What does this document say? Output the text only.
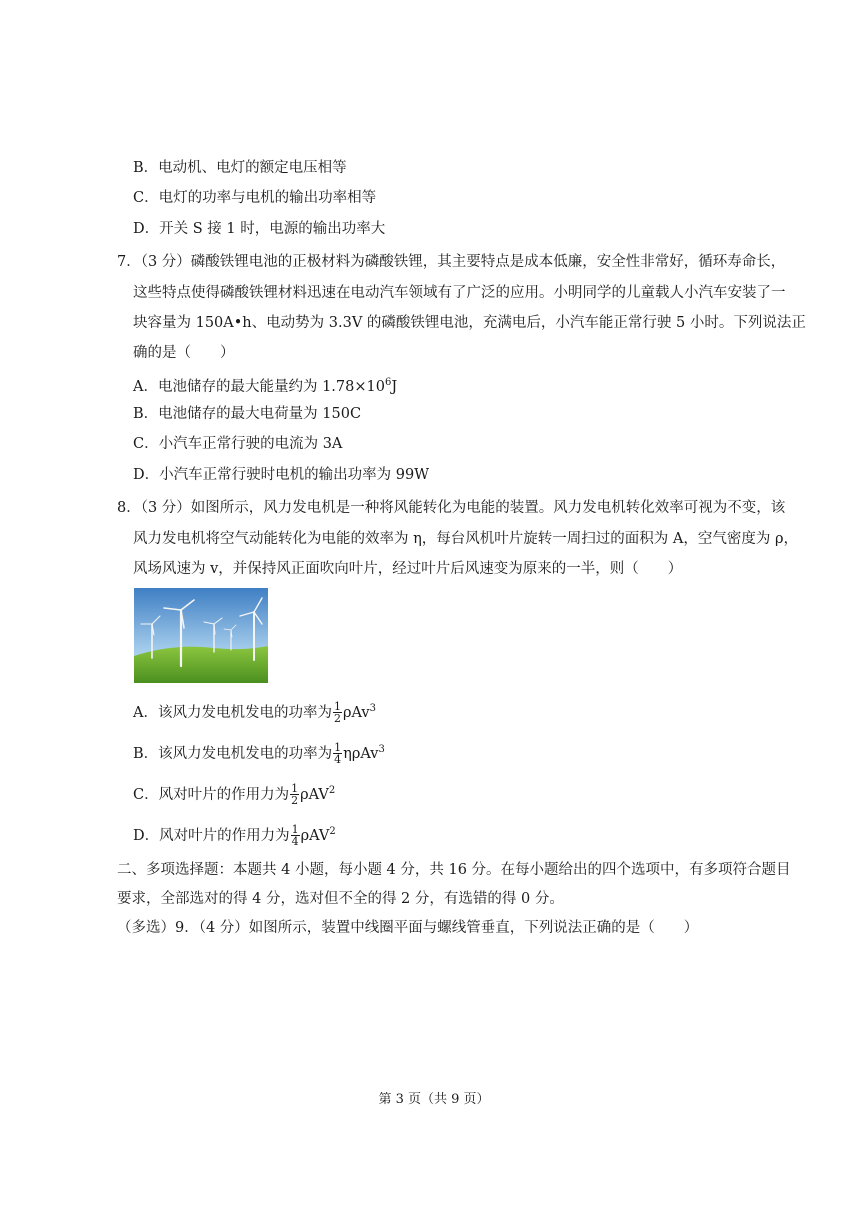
B．电动机、电灯的额定电压相等
C．电灯的功率与电机的输出功率相等
D．开关 S 接 1 时，电源的输出功率大
7．（3 分）磷酸铁锂电池的正极材料为磷酸铁锂，其主要特点是成本低廉，安全性非常好，循环寿命长，
这些特点使得磷酸铁锂材料迅速在电动汽车领域有了广泛的应用。小明同学的儿童载人小汽车安装了一
块容量为 150A•h、电动势为 3.3V 的磷酸铁锂电池，充满电后，小汽车能正常行驶 5 小时。下列说法正
确的是（　　）
A．电池储存的最大能量约为 $1.78\times 10^6J$
B．电池储存的最大电荷量为 150C
C．小汽车正常行驶的电流为 3A
D．小汽车正常行驶时电机的输出功率为 99W
8．（3 分）如图所示，风力发电机是一种将风能转化为电能的装置。风力发电机转化效率可视为不变，该
风力发电机将空气动能转化为电能的效率为 η，每台风机叶片旋转一周扫过的面积为 A，空气密度为 ρ，
风场风速为 v，并保持风正面吹向叶片，经过叶片后风速变为原来的一半，则（　　）
A．该风力发电机发电的功率为 $\frac{1}{2} \rho Av^3$
B．该风力发电机发电的功率为 $\frac{1}{4} \eta\rho Av^3$
C．风对叶片的作用力为 $\frac{1}{2} \rho AV^2$
D．风对叶片的作用力为 $\frac{1}{4} \rho AV^2$
二、多项选择题：本题共 4 小题，每小题 4 分，共 16 分。在每小题给出的四个选项中，有多项符合题目
要求，全部选对的得 4 分，选对但不全的得 2 分，有选错的得 0 分。
（多选）9．（4 分）如图所示，装置中线圈平面与螺线管垂直，下列说法正确的是（　　）
第 3 页（共 9 页）
